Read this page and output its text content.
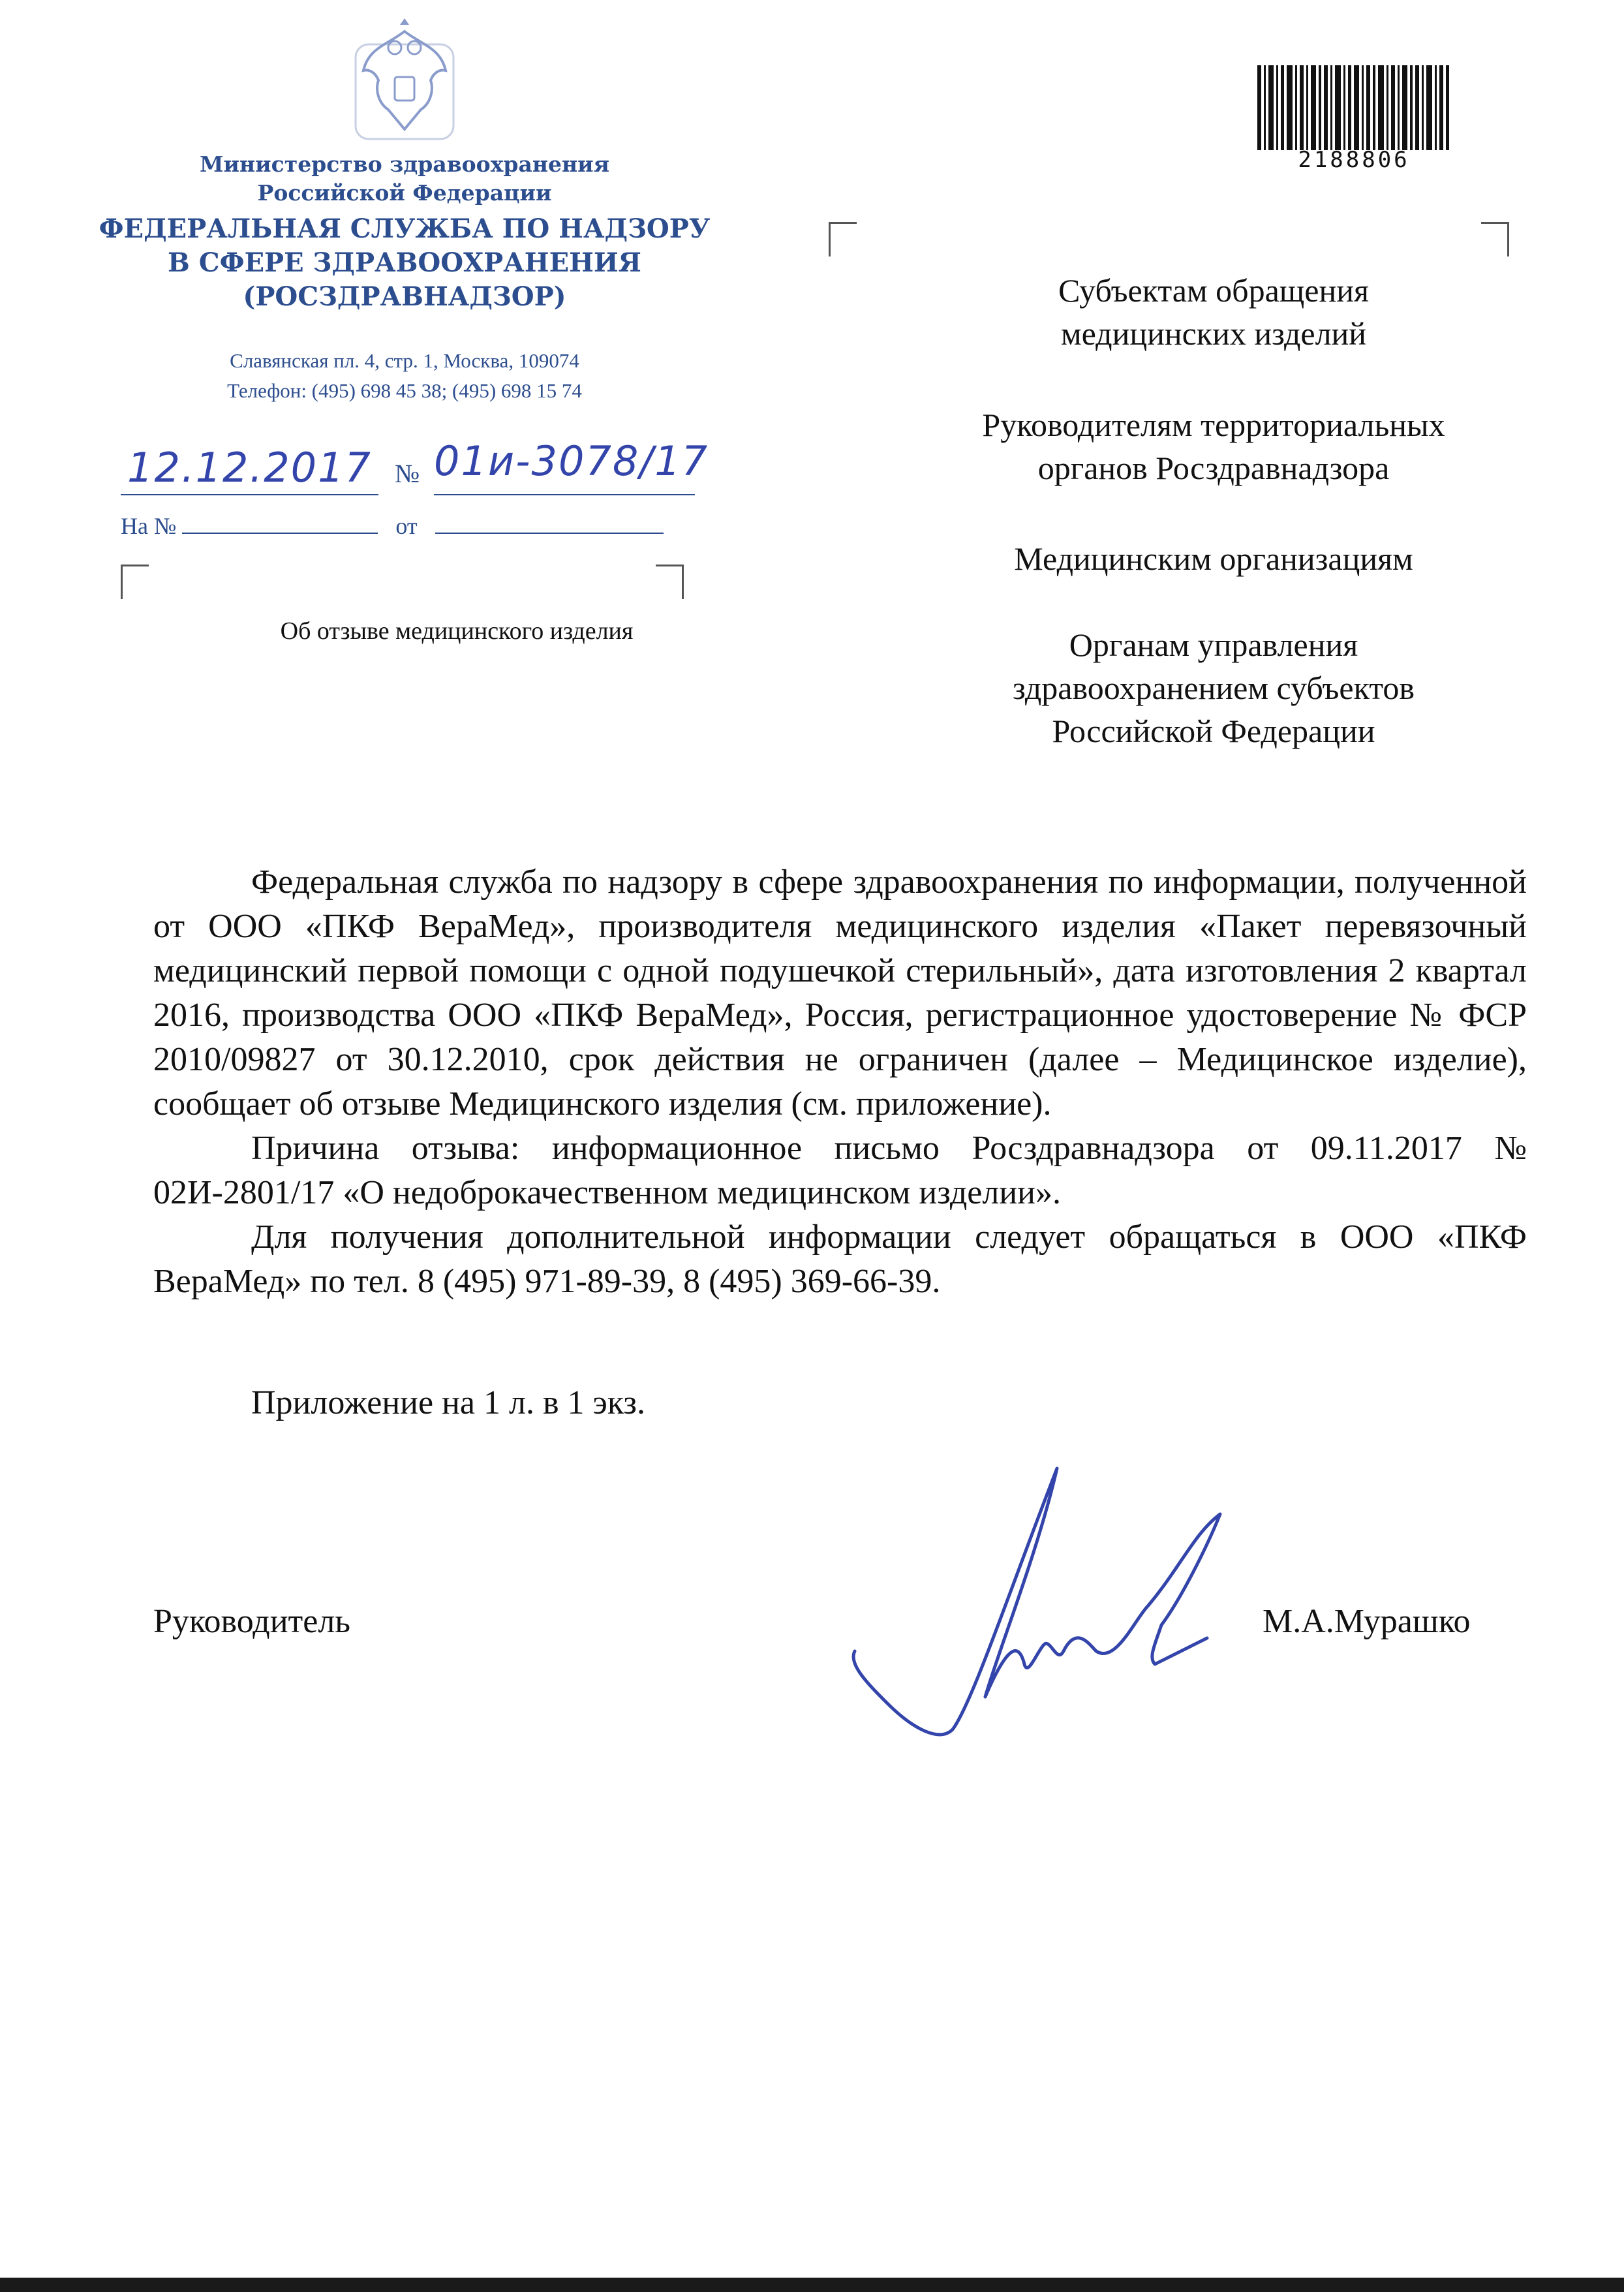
Министерство здравоохранения
Российской Федерации
ФЕДЕРАЛЬНАЯ СЛУЖБА ПО НАДЗОРУ
В СФЕРЕ ЗДРАВООХРАНЕНИЯ
(РОСЗДРАВНАДЗОР)
Славянская пл. 4, стр. 1, Москва, 109074
Телефон: (495) 698 45 38; (495) 698 15 74
12.12.2017 № 01и-3078/17
На №	от
Об отзыве медицинского изделия
2188806
Субъектам обращения
медицинских изделий
Руководителям территориальных
органов Росздравнадзора
Медицинским организациям
Органам управления
здравоохранением субъектов
Российской Федерации

Федеральная служба по надзору в сфере здравоохранения по информации, полученной от ООО «ПКФ ВераМед», производителя медицинского изделия «Пакет перевязочный медицинский первой помощи с одной подушечкой стерильный», дата изготовления 2 квартал 2016, производства ООО «ПКФ ВераМед», Россия, регистрационное удостоверение № ФСР 2010/09827 от 30.12.2010, срок действия не ограничен (далее – Медицинское изделие), сообщает об отзыве Медицинского изделия (см. приложение).

Причина отзыва: информационное письмо Росздравнадзора от 09.11.2017 № 02И-2801/17 «О недоброкачественном медицинском изделии».

Для получения дополнительной информации следует обращаться в ООО «ПКФ ВераМед» по тел. 8 (495) 971-89-39, 8 (495) 369-66-39.

Приложение на 1 л. в 1 экз.
Руководитель	М.А.Мурашко
